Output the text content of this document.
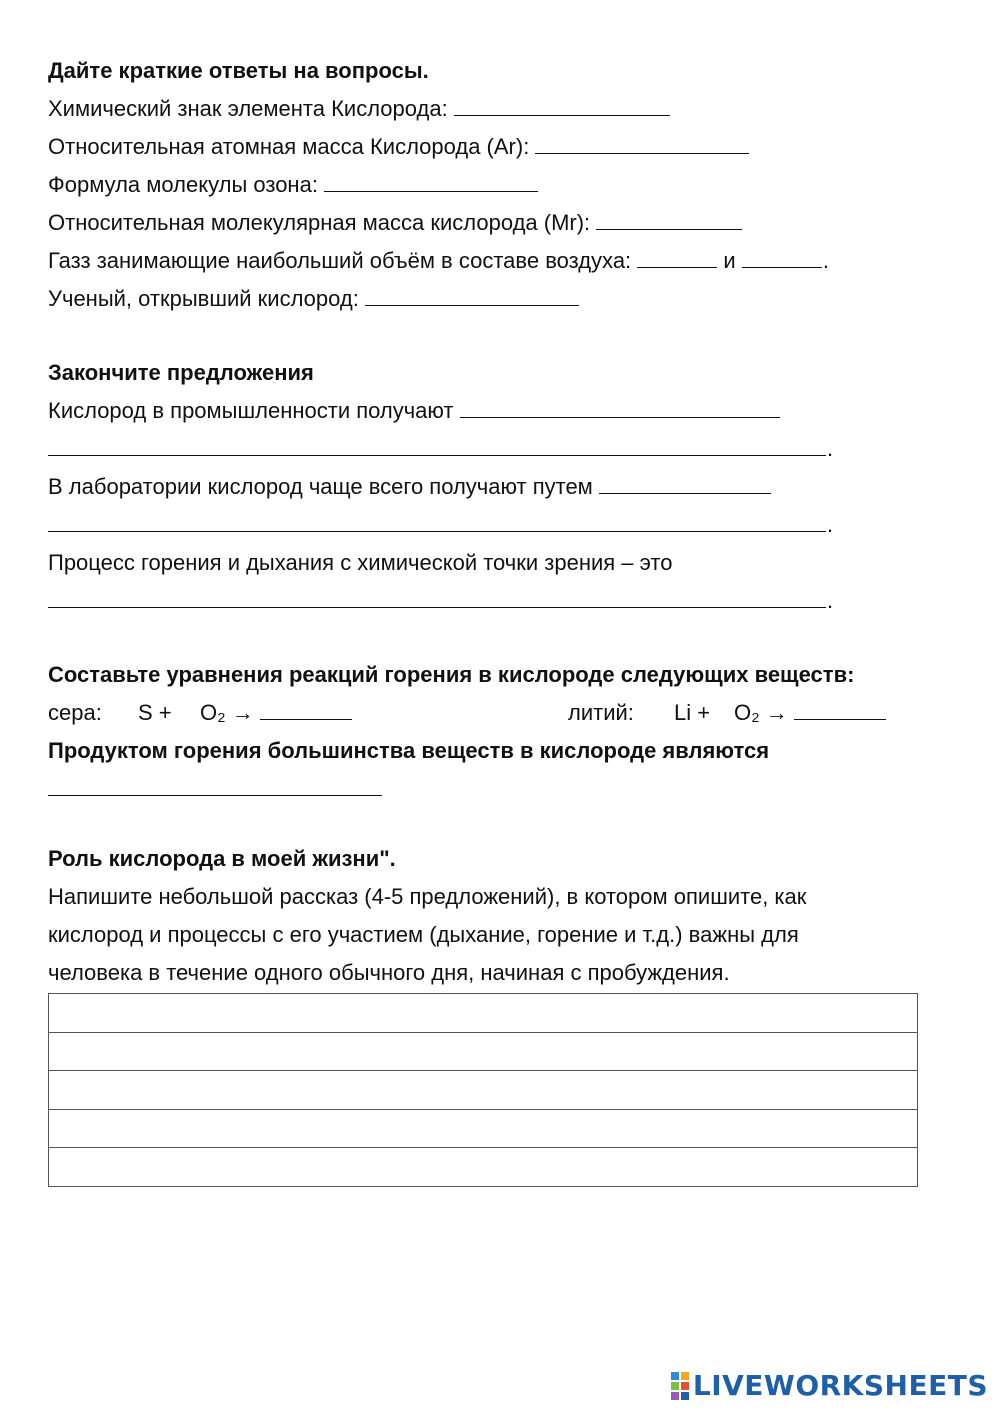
Дайте краткие ответы на вопросы.
Химический знак элемента Кислорода:
Относительная атомная масса Кислорода (Ar):
Формула молекулы озона:
Относительная молекулярная масса кислорода (Mr):
Газз занимающие наибольший объём в составе воздуха:	и	.
Ученый, открывший кислород:
Закончите предложения
Кислород в промышленности получают
.
В лаборатории кислород чаще всего получают путем
.
Процесс горения и дыхания с химической точки зрения – это
.
Составьте уравнения реакций горения в кислороде следующих веществ:
сера: S + O₂ →	литий: Li + O₂ →
Продуктом горения большинства веществ в кислороде являются
Роль кислорода в моей жизни".
Напишите небольшой рассказ (4-5 предложений), в котором опишите, как
кислород и процессы с его участием (дыхание, горение и т.д.) важны для
человека в течение одного обычного дня, начиная с пробуждения.
LIVEWORKSHEETS
